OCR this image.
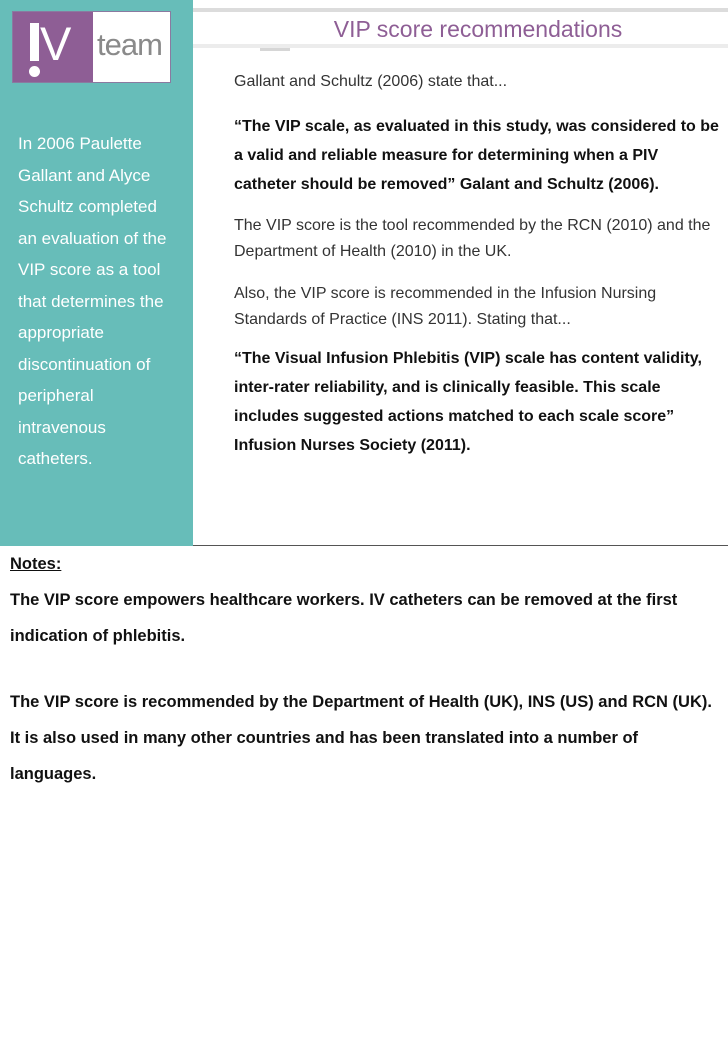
V team
In 2006 Paulette
Gallant and Alyce
Schultz completed
an evaluation of the
VIP score as a tool
that determines the
appropriate
discontinuation of
peripheral
intravenous
catheters.
VIP score recommendations
Gallant and Schultz (2006) state that...
“The VIP scale, as evaluated in this study, was considered to be a valid and reliable measure for determining when a PIV catheter should be removed” Galant and Schultz (2006).
The VIP score is the tool recommended by the RCN (2010) and the Department of Health (2010) in the UK.
Also, the VIP score is recommended in the Infusion Nursing Standards of Practice (INS 2011). Stating that...
“The Visual Infusion Phlebitis (VIP) scale has content validity, inter-rater reliability, and is clinically feasible. This scale includes suggested actions matched to each scale score” Infusion Nurses Society (2011).
Notes:
The VIP score empowers healthcare workers. IV catheters can be removed at the first indication of phlebitis.
The VIP score is recommended by the Department of Health (UK), INS (US) and RCN (UK). It is also used in many other countries and has been translated into a number of languages.
